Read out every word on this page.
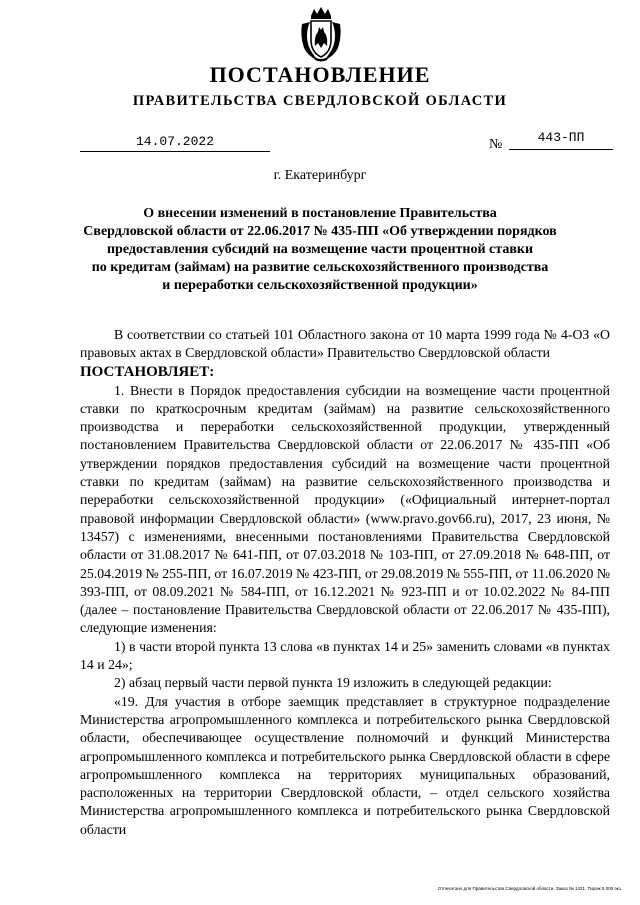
ПОСТАНОВЛЕНИЕ
ПРАВИТЕЛЬСТВА СВЕРДЛОВСКОЙ ОБЛАСТИ
14.07.2022	№	443-ПП
г. Екатеринбург
О внесении изменений в постановление Правительства
Свердловской области от 22.06.2017 № 435-ПП «Об утверждении порядков
предоставления субсидий на возмещение части процентной ставки
по кредитам (займам) на развитие сельскохозяйственного производства
и переработки сельскохозяйственной продукции»

В соответствии со статьей 101 Областного закона от 10 марта 1999 года № 4-ОЗ «О правовых актах в Свердловской области» Правительство Свердловской области

ПОСТАНОВЛЯЕТ:

1. Внести в Порядок предоставления субсидии на возмещение части процентной ставки по краткосрочным кредитам (займам) на развитие сельскохозяйственного производства и переработки сельскохозяйственной продукции, утвержденный постановлением Правительства Свердловской области от 22.06.2017 № 435-ПП «Об утверждении порядков предоставления субсидий на возмещение части процентной ставки по кредитам (займам) на развитие сельскохозяйственного производства и переработки сельскохозяйственной продукции» («Официальный интернет-портал правовой информации Свердловской области» (www.pravo.gov66.ru), 2017, 23 июня, № 13457) с изменениями, внесенными постановлениями Правительства Свердловской области от 31.08.2017 № 641-ПП, от 07.03.2018 № 103-ПП, от 27.09.2018 № 648-ПП, от 25.04.2019 № 255-ПП, от 16.07.2019 № 423-ПП, от 29.08.2019 № 555-ПП, от 11.06.2020 № 393-ПП, от 08.09.2021 № 584-ПП, от 16.12.2021 № 923-ПП и от 10.02.2022 № 84-ПП (далее – постановление Правительства Свердловской области от 22.06.2017 № 435-ПП), следующие изменения:

1) в части второй пункта 13 слова «в пунктах 14 и 25» заменить словами «в пунктах 14 и 24»;

2) абзац первый части первой пункта 19 изложить в следующей редакции:

«19. Для участия в отборе заемщик представляет в структурное подразделение Министерства агропромышленного комплекса и потребительского рынка Свердловской области, обеспечивающее осуществление полномочий и функций Министерства агропромышленного комплекса и потребительского рынка Свердловской области в сфере агропромышленного комплекса на территориях муниципальных образований, расположенных на территории Свердловской области, – отдел сельского хозяйства Министерства агропромышленного комплекса и потребительского рынка Свердловской области

Отпечатано для Правительства Свердловской области. Заказ № 1421. Тираж 5 000 экз.
